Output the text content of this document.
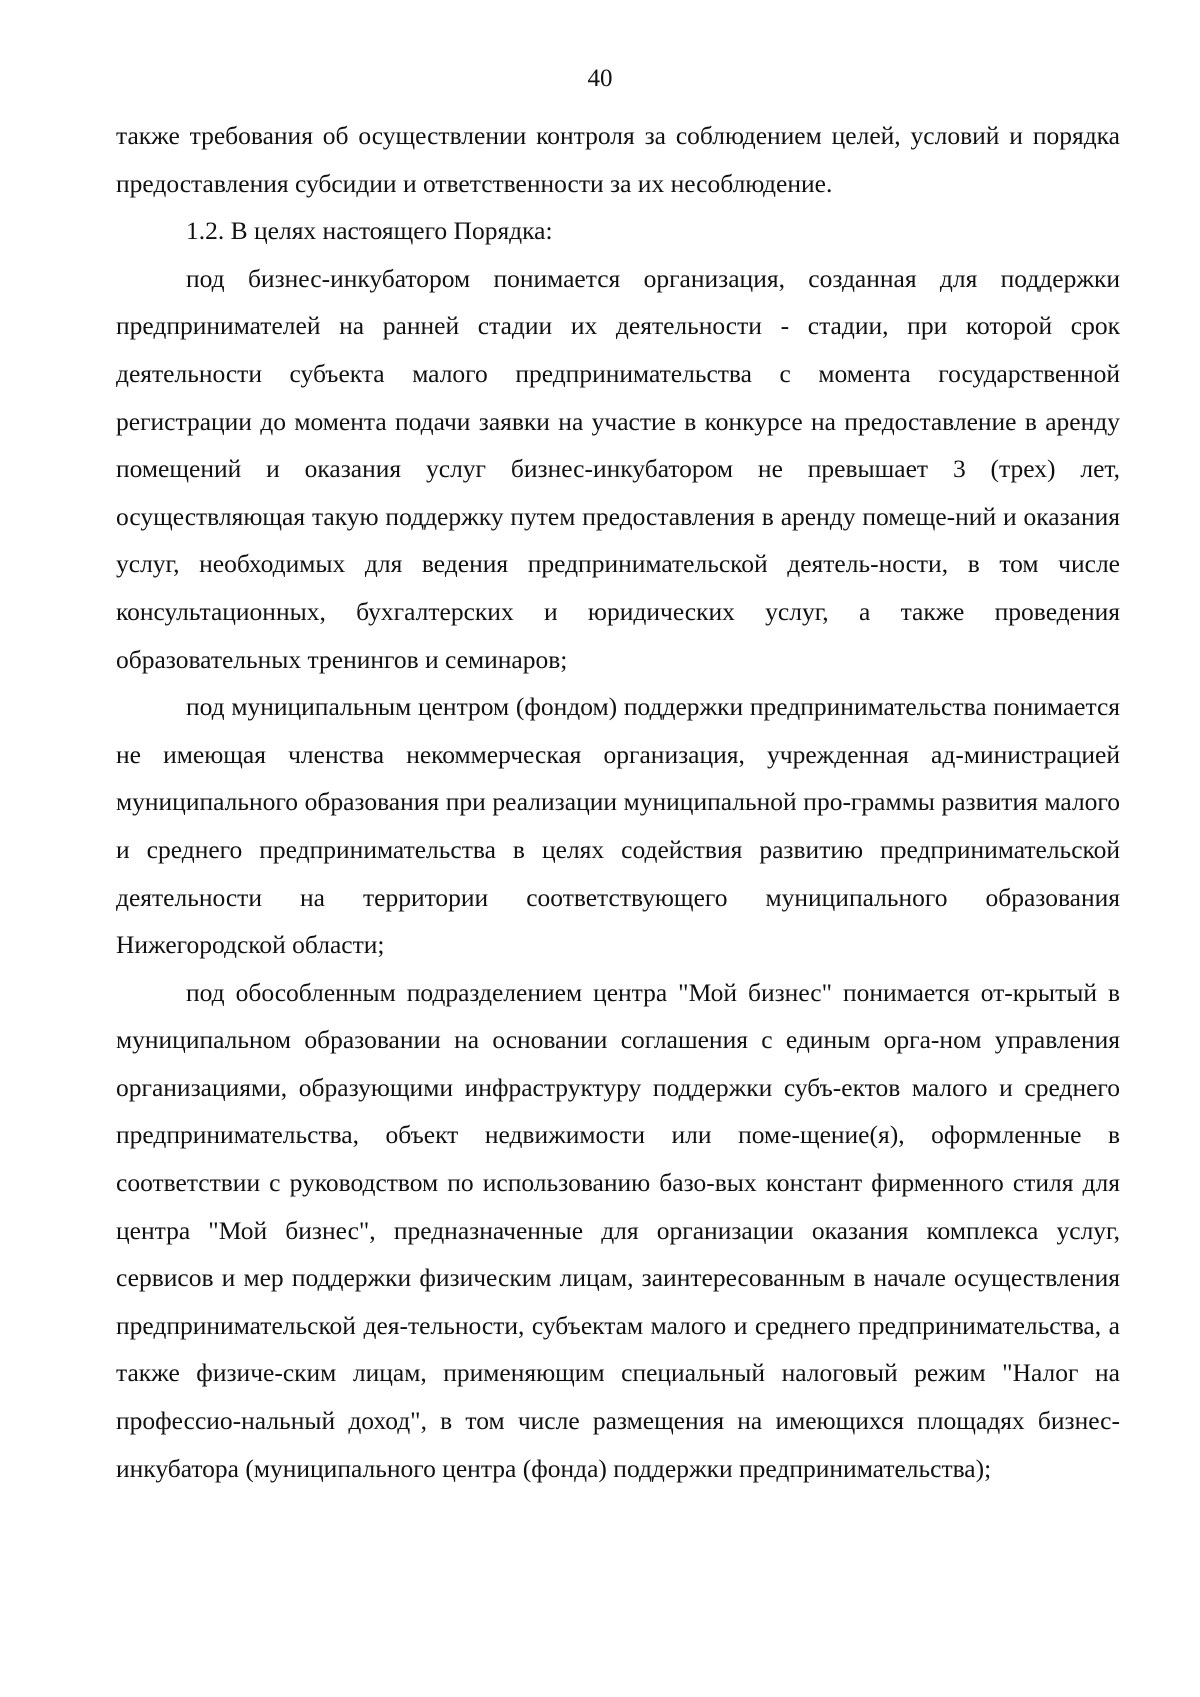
40

также требования об осуществлении контроля за соблюдением целей, условий и порядка предоставления субсидии и ответственности за их несоблюдение.

1.2. В целях настоящего Порядка:

под бизнес-инкубатором понимается организация, созданная для поддержки предпринимателей на ранней стадии их деятельности - стадии, при которой срок деятельности субъекта малого предпринимательства с момента государственной регистрации до момента подачи заявки на участие в конкурсе на предоставление в аренду помещений и оказания услуг бизнес-инкубатором не превышает 3 (трех) лет, осуществляющая такую поддержку путем предоставления в аренду помеще-ний и оказания услуг, необходимых для ведения предпринимательской деятель-ности, в том числе консультационных, бухгалтерских и юридических услуг, а также проведения образовательных тренингов и семинаров;

под муниципальным центром (фондом) поддержки предпринимательства понимается не имеющая членства некоммерческая организация, учрежденная ад-министрацией муниципального образования при реализации муниципальной про-граммы развития малого и среднего предпринимательства в целях содействия развитию предпринимательской деятельности на территории соответствующего муниципального образования Нижегородской области;

под обособленным подразделением центра "Мой бизнес" понимается от-крытый в муниципальном образовании на основании соглашения с единым орга-ном управления организациями, образующими инфраструктуру поддержки субъ-ектов малого и среднего предпринимательства, объект недвижимости или поме-щение(я), оформленные в соответствии с руководством по использованию базо-вых констант фирменного стиля для центра "Мой бизнес", предназначенные для организации оказания комплекса услуг, сервисов и мер поддержки физическим лицам, заинтересованным в начале осуществления предпринимательской дея-тельности, субъектам малого и среднего предпринимательства, а также физиче-ским лицам, применяющим специальный налоговый режим "Налог на профессио-нальный доход", в том числе размещения на имеющихся площадях бизнес-инкубатора (муниципального центра (фонда) поддержки предпринимательства);
